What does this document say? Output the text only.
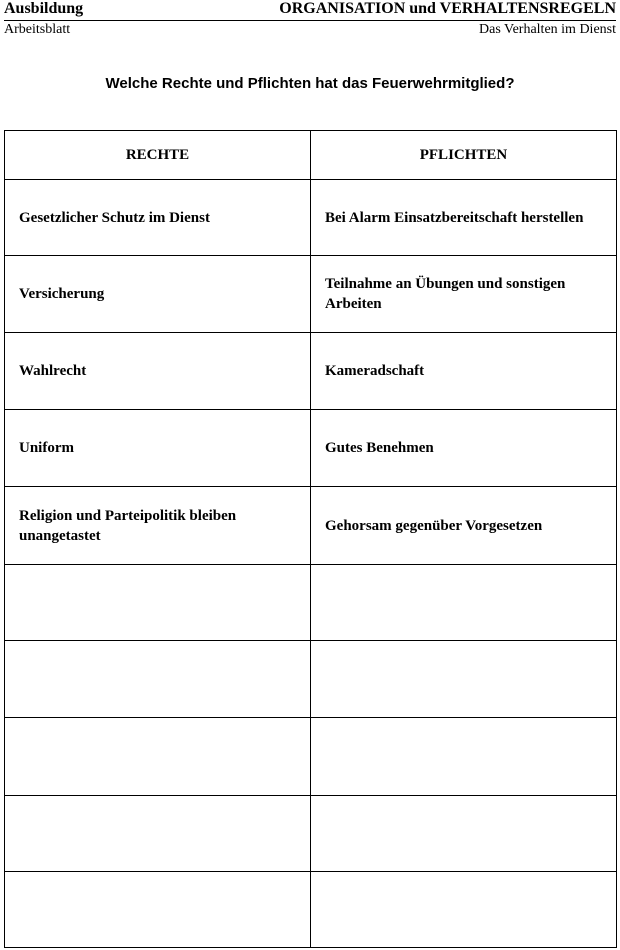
Ausbildung	ORGANISATION und VERHALTENSREGELN
Arbeitsblatt	Das Verhalten im Dienst
Welche Rechte und Pflichten hat das Feuerwehrmitglied?
RECHTE	PFLICHTEN
Gesetzlicher Schutz im Dienst	Bei Alarm Einsatzbereitschaft herstellen
Versicherung	Teilnahme an Übungen und sonstigen Arbeiten
Wahlrecht	Kameradschaft
Uniform	Gutes Benehmen
Religion und Parteipolitik bleiben unangetastet	Gehorsam gegenüber Vorgesetzen
